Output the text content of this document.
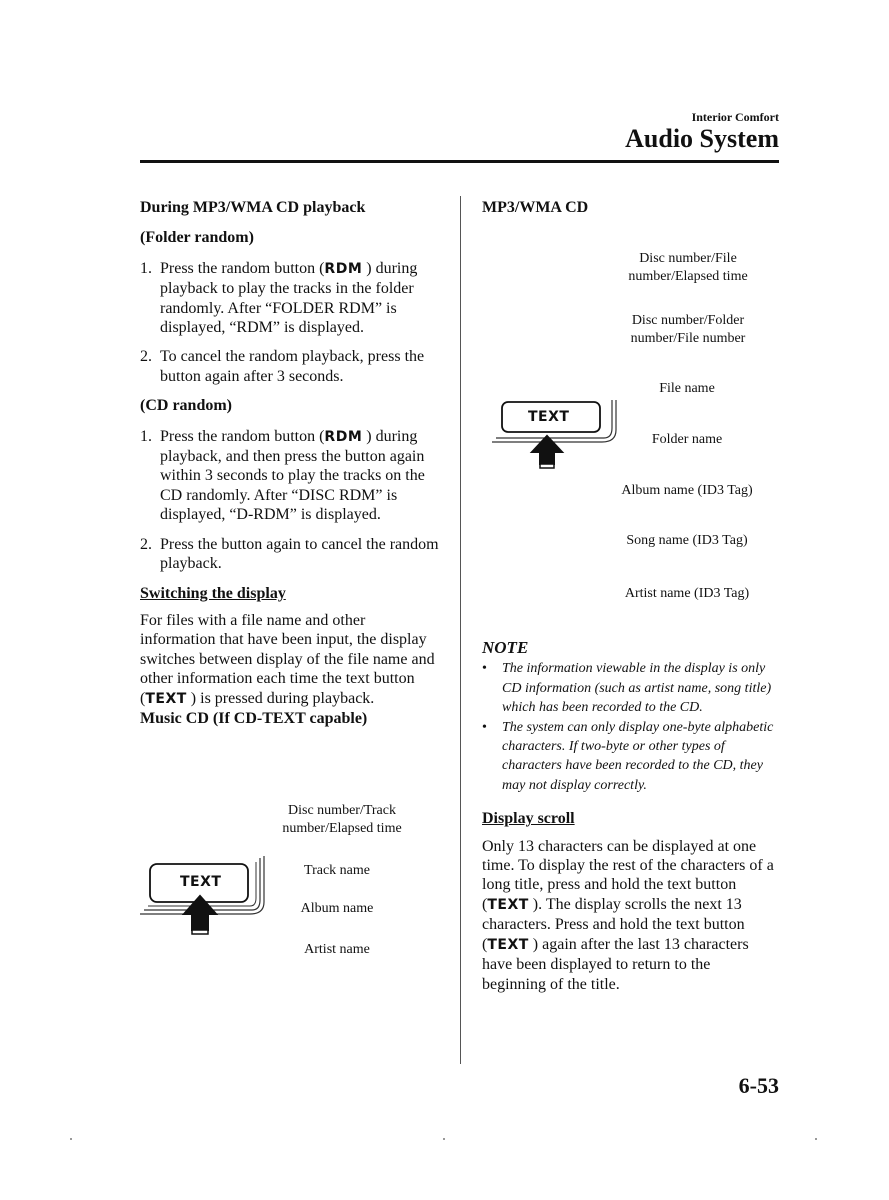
Interior Comfort
Audio System
During MP3/WMA CD playback
(Folder random)
1. Press the random button (RDM ) during playback to play the tracks in the folder randomly. After “FOLDER RDM” is displayed, “RDM” is displayed.
2. To cancel the random playback, press the button again after 3 seconds.
(CD random)
1. Press the random button (RDM ) during playback, and then press the button again within 3 seconds to play the tracks on the CD randomly. After “DISC RDM” is displayed, “D-RDM” is displayed.
2. Press the button again to cancel the random playback.
Switching the display

For files with a file name and other information that have been input, the display switches between display of the file name and other information each time the text button (TEXT ) is pressed during playback.

Music CD (If CD-TEXT capable)
TEXT
Disc number/Track number/Elapsed time
Track name
Album name
Artist name
MP3/WMA CD
TEXT
Disc number/File number/Elapsed time
Disc number/Folder number/File number
File name
Folder name
Album name (ID3 Tag)
Song name (ID3 Tag)
Artist name (ID3 Tag)
NOTE
•	The information viewable in the display is only CD information (such as artist name, song title) which has been recorded to the CD.
•	The system can only display one-byte alphabetic characters. If two-byte or other types of characters have been recorded to the CD, they may not display correctly.
Display scroll

Only 13 characters can be displayed at one time. To display the rest of the characters of a long title, press and hold the text button (TEXT ). The display scrolls the next 13 characters. Press and hold the text button (TEXT ) again after the last 13 characters have been displayed to return to the beginning of the title.

6-53
